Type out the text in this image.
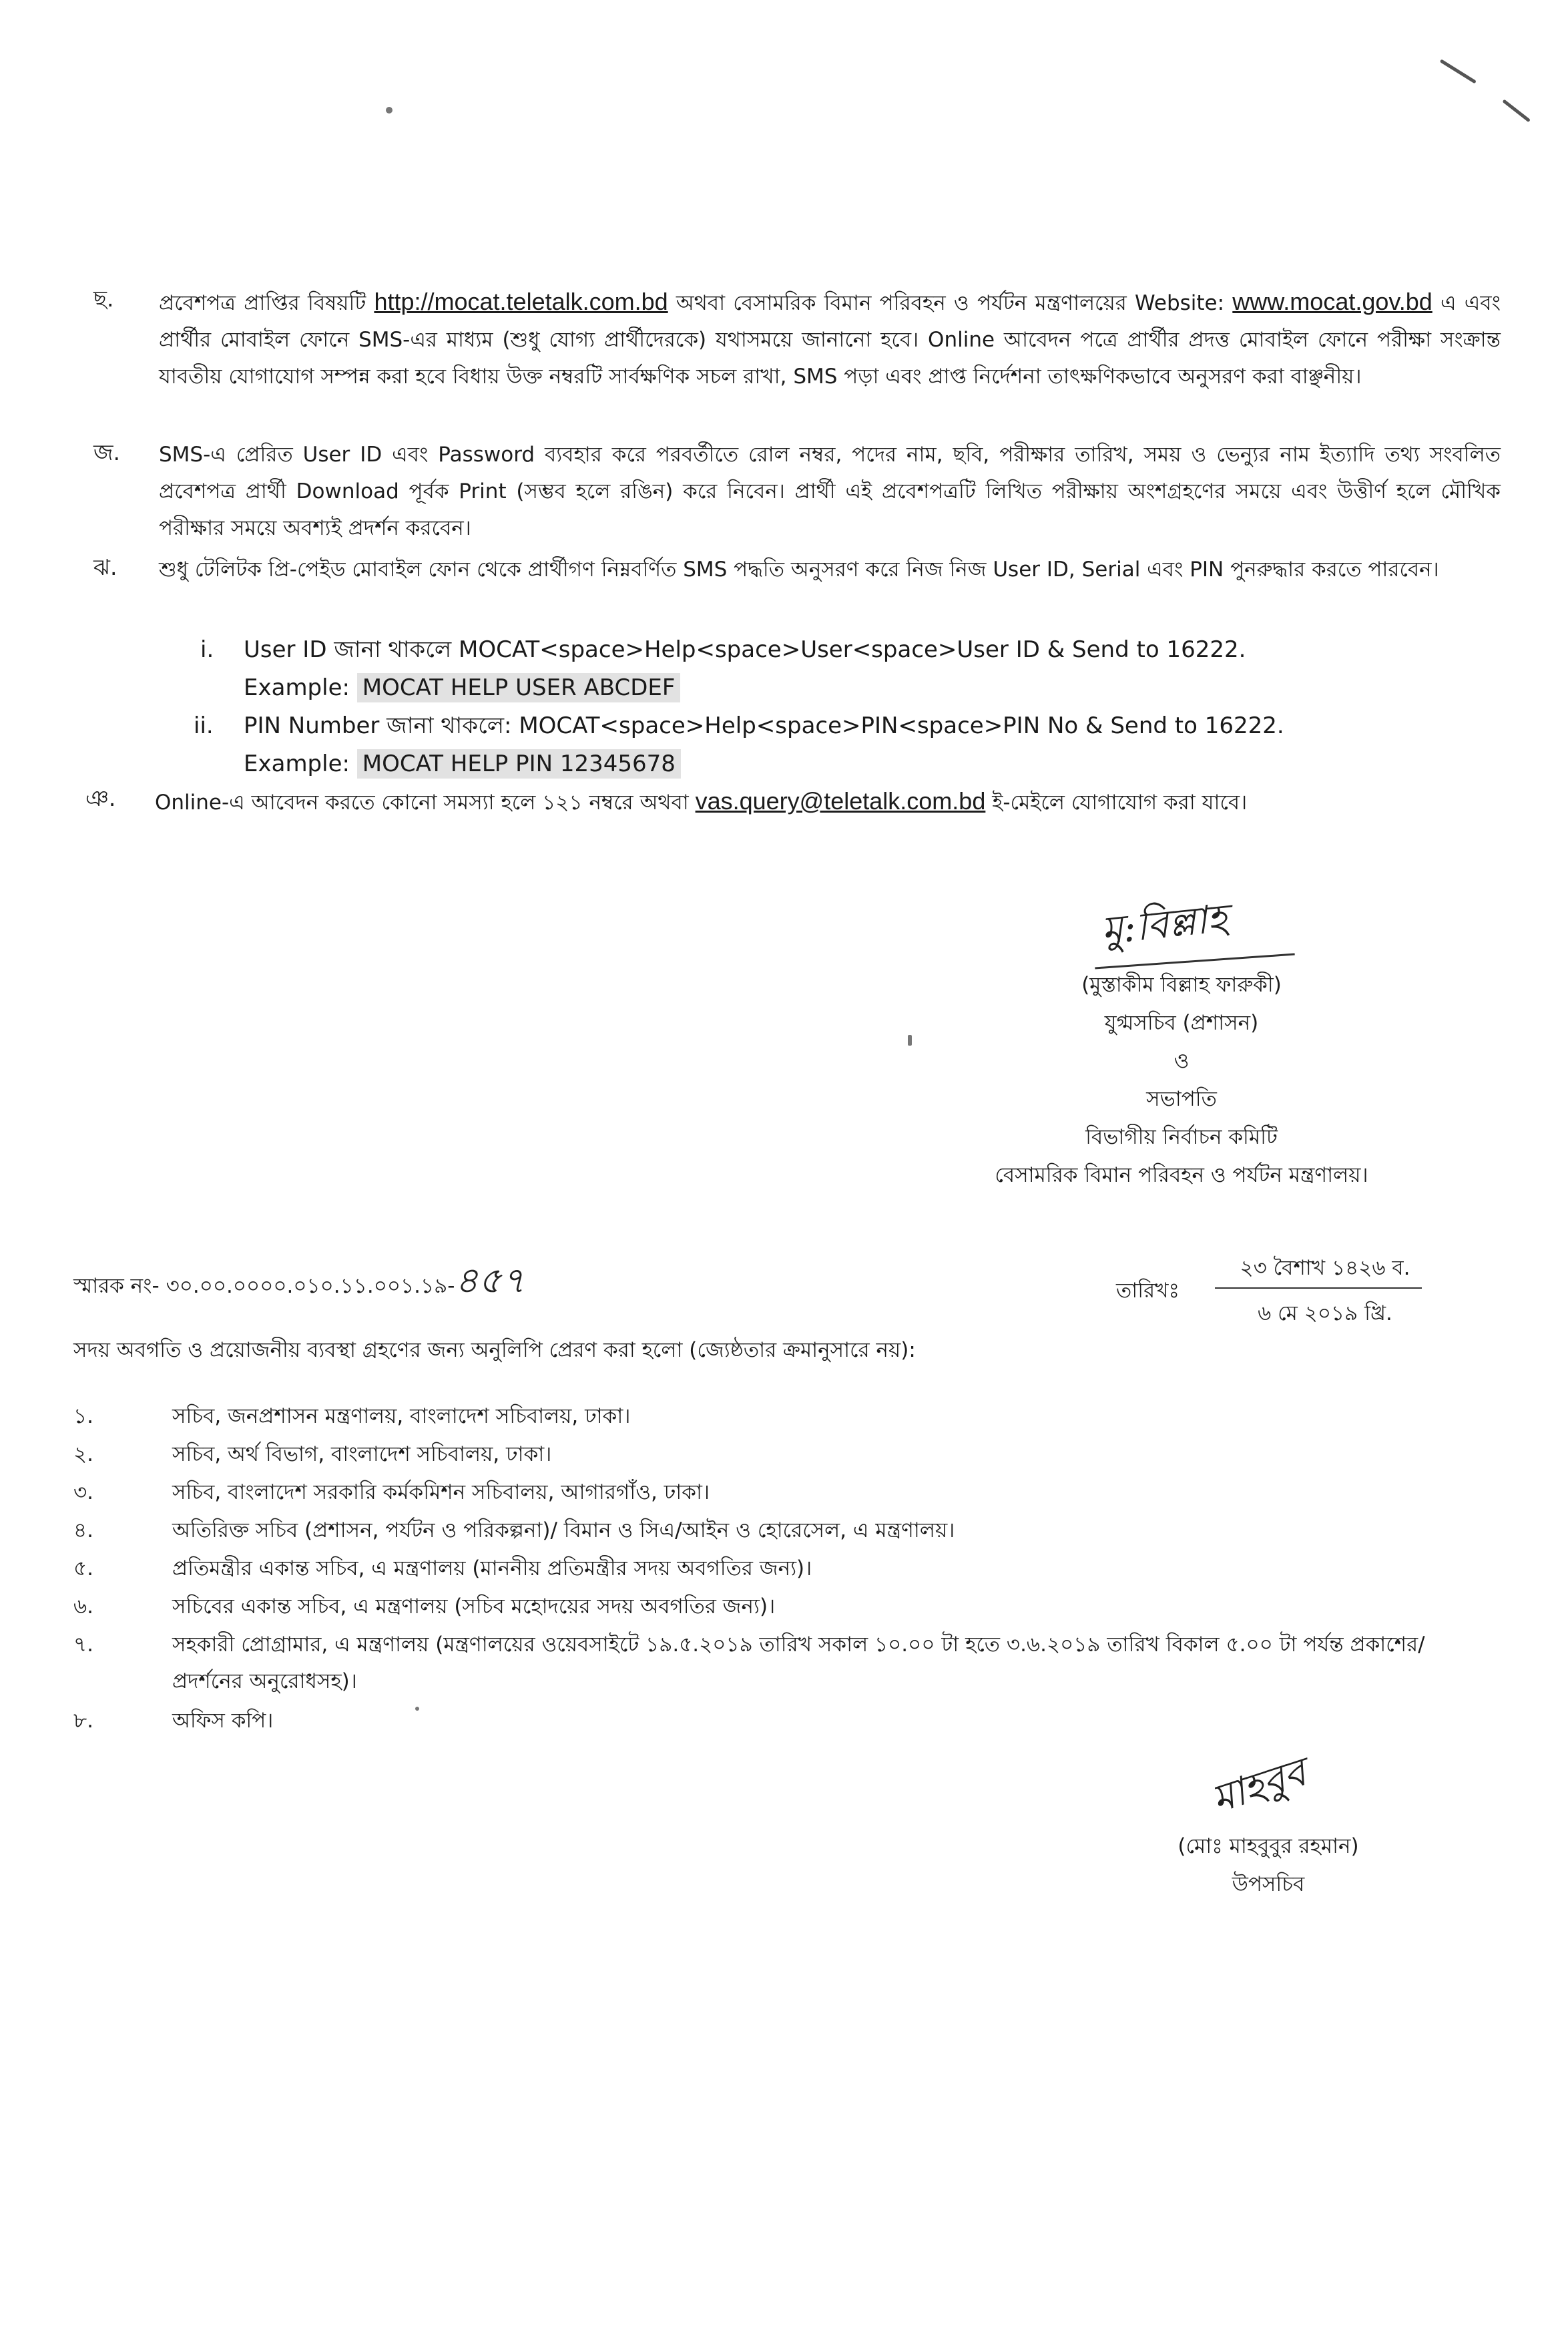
ছ. প্রবেশপত্র প্রাপ্তির বিষয়টি http://mocat.teletalk.com.bd অথবা বেসামরিক বিমান পরিবহন ও পর্যটন মন্ত্রণালয়ের Website: www.mocat.gov.bd এ এবং প্রার্থীর মোবাইল ফোনে SMS-এর মাধ্যম (শুধু যোগ্য প্রার্থীদেরকে) যথাসময়ে জানানো হবে। Online আবেদন পত্রে প্রার্থীর প্রদত্ত মোবাইল ফোনে পরীক্ষা সংক্রান্ত যাবতীয় যোগাযোগ সম্পন্ন করা হবে বিধায় উক্ত নম্বরটি সার্বক্ষণিক সচল রাখা, SMS পড়া এবং প্রাপ্ত নির্দেশনা তাৎক্ষণিকভাবে অনুসরণ করা বাঞ্ছনীয়।
জ. SMS-এ প্রেরিত User ID এবং Password ব্যবহার করে পরবর্তীতে রোল নম্বর, পদের নাম, ছবি, পরীক্ষার তারিখ, সময় ও ভেন্যুর নাম ইত্যাদি তথ্য সংবলিত প্রবেশপত্র প্রার্থী Download পূর্বক Print (সম্ভব হলে রঙিন) করে নিবেন। প্রার্থী এই প্রবেশপত্রটি লিখিত পরীক্ষায় অংশগ্রহণের সময়ে এবং উত্তীর্ণ হলে মৌখিক পরীক্ষার সময়ে অবশ্যই প্রদর্শন করবেন।
ঝ. শুধু টেলিটক প্রি-পেইড মোবাইল ফোন থেকে প্রার্থীগণ নিম্নবর্ণিত SMS পদ্ধতি অনুসরণ করে নিজ নিজ User ID, Serial এবং PIN পুনরুদ্ধার করতে পারবেন।
i. User ID জানা থাকলে MOCAT<space>Help<space>User<space>User ID & Send to 16222.
Example: MOCAT HELP USER ABCDEF
ii. PIN Number জানা থাকলে: MOCAT<space>Help<space>PIN<space>PIN No & Send to 16222.
Example: MOCAT HELP PIN 12345678
ঞ. Online-এ আবেদন করতে কোনো সমস্যা হলে ১২১ নম্বরে অথবা vas.query@teletalk.com.bd ই-মেইলে যোগাযোগ করা যাবে।
মু:বিল্লাহ
(মুস্তাকীম বিল্লাহ ফারুকী)
যুগ্মসচিব (প্রশাসন)
ও
সভাপতি
বিভাগীয় নির্বাচন কমিটি
বেসামরিক বিমান পরিবহন ও পর্যটন মন্ত্রণালয়।
স্মারক নং- ৩০.০০.০০০০.০১০.১১.০০১.১৯-৪৫৭	তারিখঃ
২৩ বৈশাখ ১৪২৬ ব.
৬ মে ২০১৯ খ্রি.
সদয় অবগতি ও প্রয়োজনীয় ব্যবস্থা গ্রহণের জন্য অনুলিপি প্রেরণ করা হলো (জ্যেষ্ঠতার ক্রমানুসারে নয়):
১.	সচিব, জনপ্রশাসন মন্ত্রণালয়, বাংলাদেশ সচিবালয়, ঢাকা।
২.	সচিব, অর্থ বিভাগ, বাংলাদেশ সচিবালয়, ঢাকা।
৩.	সচিব, বাংলাদেশ সরকারি কর্মকমিশন সচিবালয়, আগারগাঁও, ঢাকা।
৪.	অতিরিক্ত সচিব (প্রশাসন, পর্যটন ও পরিকল্পনা)/ বিমান ও সিএ/আইন ও হোরেসেল, এ মন্ত্রণালয়।
৫.	প্রতিমন্ত্রীর একান্ত সচিব, এ মন্ত্রণালয় (মাননীয় প্রতিমন্ত্রীর সদয় অবগতির জন্য)।
৬.	সচিবের একান্ত সচিব, এ মন্ত্রণালয় (সচিব মহোদয়ের সদয় অবগতির জন্য)।
৭.	সহকারী প্রোগ্রামার, এ মন্ত্রণালয় (মন্ত্রণালয়ের ওয়েবসাইটে ১৯.৫.২০১৯ তারিখ সকাল ১০.০০ টা হতে ৩.৬.২০১৯ তারিখ বিকাল ৫.০০ টা পর্যন্ত প্রকাশের/প্রদর্শনের অনুরোধসহ)।
৮.	অফিস কপি।
মাহবুব
(মোঃ মাহবুবুর রহমান)
উপসচিব
